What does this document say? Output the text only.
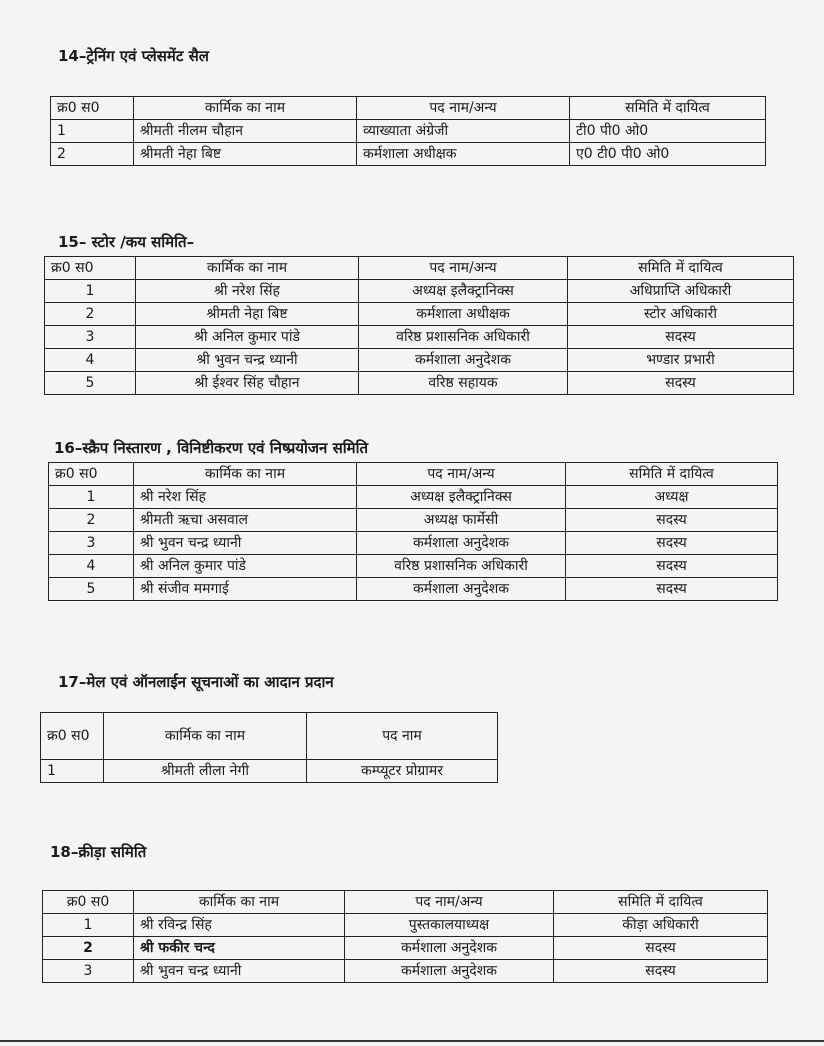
14–ट्रेनिंग एवं प्लेसमेंट सैल
क्र0 स0	कार्मिक का नाम	पद नाम/अन्य	समिति में दायित्व
1	श्रीमती नीलम चौहान	व्याख्याता अंग्रेजी	टी0 पी0 ओ0
2	श्रीमती नेहा बिष्ट	कर्मशाला अधीक्षक	ए0 टी0 पी0 ओ0
15– स्टोर /कय समिति–
क्र0 स0	कार्मिक का नाम	पद नाम/अन्य	समिति में दायित्व
1	श्री नरेश सिंह	अध्यक्ष इलैक्ट्रानिक्स	अधिप्राप्ति अधिकारी
2	श्रीमती नेहा बिष्ट	कर्मशाला अधीक्षक	स्टोर अधिकारी
3	श्री अनिल कुमार पांडे	वरिष्ठ प्रशासनिक अधिकारी	सदस्य
4	श्री भुवन चन्द्र ध्यानी	कर्मशाला अनुदेशक	भण्डार प्रभारी
5	श्री ईश्वर सिंह चौहान	वरिष्ठ सहायक	सदस्य
16–स्क्रैप निस्तारण , विनिष्टीकरण एवं निष्प्रयोजन समिति
क्र0 स0	कार्मिक का नाम	पद नाम/अन्य	समिति में दायित्व
1	श्री नरेश सिंह	अध्यक्ष इलैक्ट्रानिक्स	अध्यक्ष
2	श्रीमती ऋचा असवाल	अध्यक्ष फार्मेसी	सदस्य
3	श्री भुवन चन्द्र ध्यानी	कर्मशाला अनुदेशक	सदस्य
4	श्री अनिल कुमार पांडे	वरिष्ठ प्रशासनिक अधिकारी	सदस्य
5	श्री संजीव ममगाई	कर्मशाला अनुदेशक	सदस्य
17–मेल एवं ऑनलाईन सूचनाओं का आदान प्रदान
क्र0 स0	कार्मिक का नाम	पद नाम
1	श्रीमती लीला नेगी	कम्प्यूटर प्रोग्रामर
18–क्रीड़ा समिति
क्र0 स0	कार्मिक का नाम	पद नाम/अन्य	समिति में दायित्व
1	श्री रविन्द्र सिंह	पुस्तकालयाध्यक्ष	कीड़ा अधिकारी
2	श्री फकीर चन्द	कर्मशाला अनुदेशक	सदस्य
3	श्री भुवन चन्द्र ध्यानी	कर्मशाला अनुदेशक	सदस्य
